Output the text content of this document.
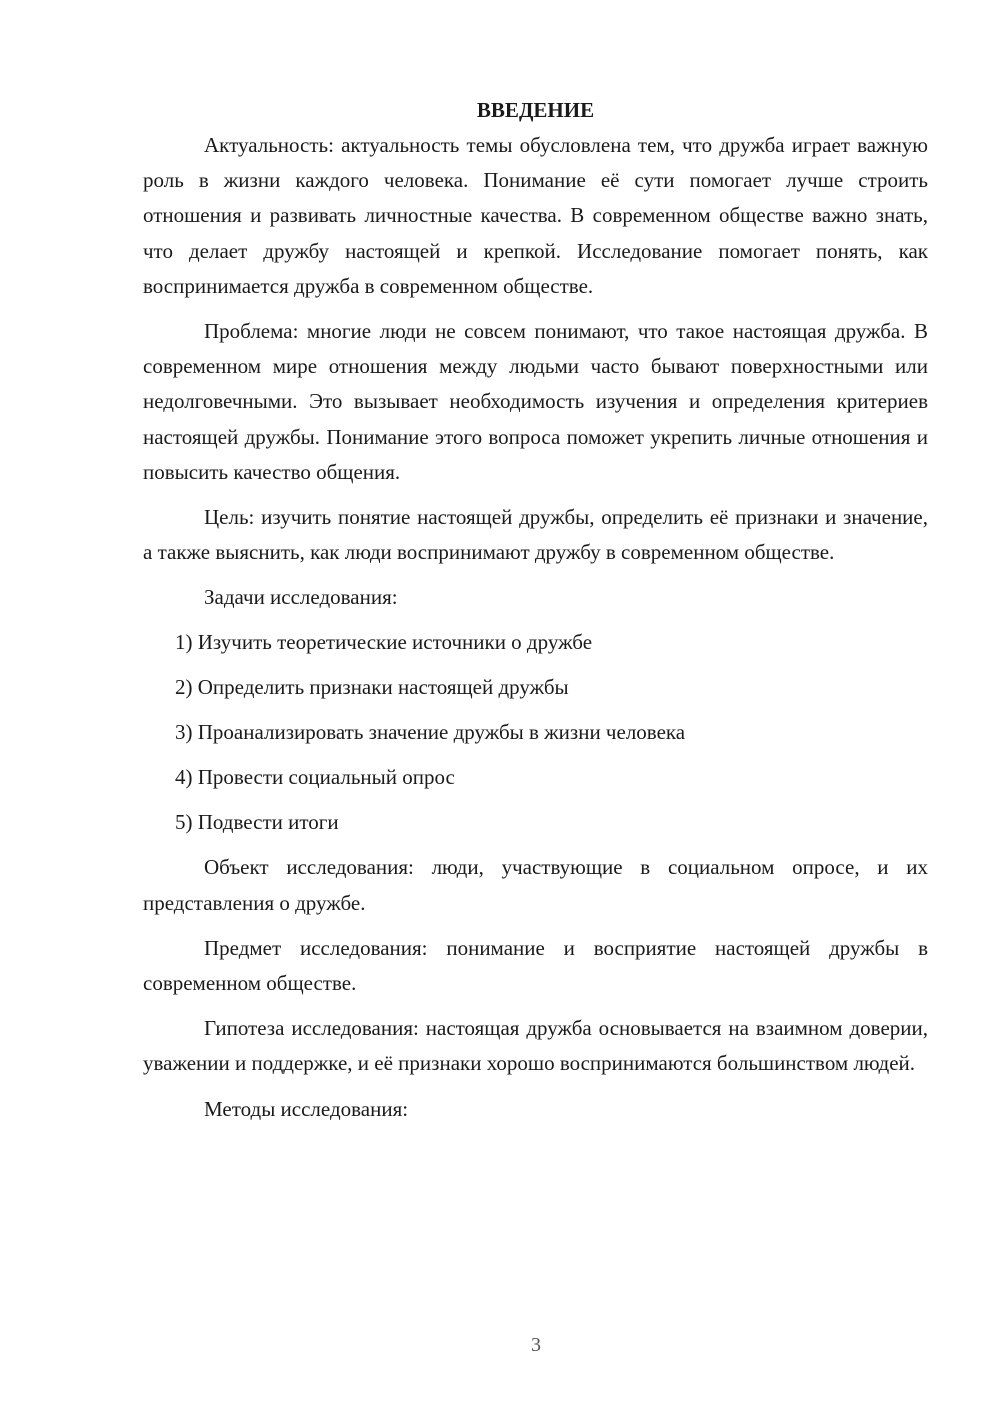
ВВЕДЕНИЕ

Актуальность: актуальность темы обусловлена тем, что дружба играет важную роль в жизни каждого человека. Понимание её сути помогает лучше строить отношения и развивать личностные качества. В современном обществе важно знать, что делает дружбу настоящей и крепкой. Исследование помогает понять, как воспринимается дружба в современном обществе.

Проблема: многие люди не совсем понимают, что такое настоящая дружба. В современном мире отношения между людьми часто бывают поверхностными или недолговечными. Это вызывает необходимость изучения и определения критериев настоящей дружбы. Понимание этого вопроса поможет укрепить личные отношения и повысить качество общения.

Цель: изучить понятие настоящей дружбы, определить её признаки и значение, а также выяснить, как люди воспринимают дружбу в современном обществе.

Задачи исследования:

1) Изучить теоретические источники о дружбе
2) Определить признаки настоящей дружбы
3) Проанализировать значение дружбы в жизни человека
4) Провести социальный опрос
5) Подвести итоги

Объект исследования: люди, участвующие в социальном опросе, и их представления о дружбе.

Предмет исследования: понимание и восприятие настоящей дружбы в современном обществе.

Гипотеза исследования: настоящая дружба основывается на взаимном доверии, уважении и поддержке, и её признаки хорошо воспринимаются большинством людей.

Методы исследования:

3
